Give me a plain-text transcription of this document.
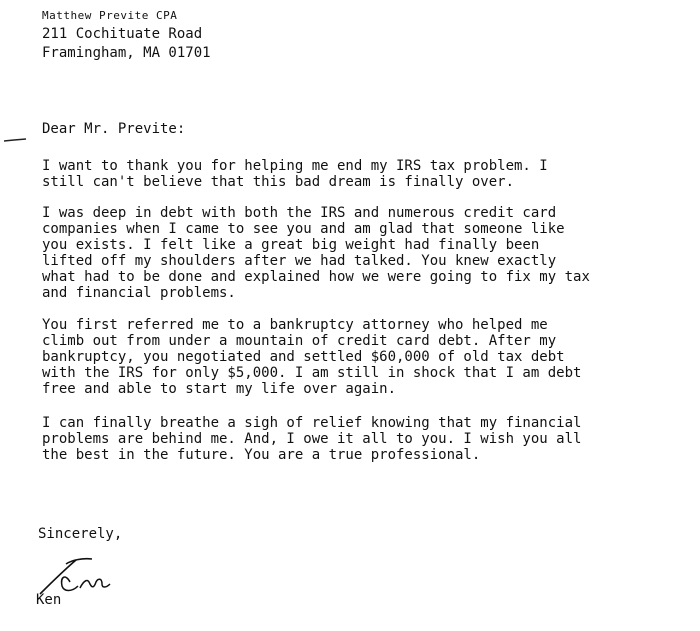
Matthew Previte CPA
211 Cochituate Road
Framingham, MA 01701
Dear Mr. Previte:
I want to thank you for helping me end my IRS tax problem. I
still can't believe that this bad dream is finally over.
I was deep in debt with both the IRS and numerous credit card
companies when I came to see you and am glad that someone like
you exists. I felt like a great big weight had finally been
lifted off my shoulders after we had talked. You knew exactly
what had to be done and explained how we were going to fix my tax
and financial problems.
You first referred me to a bankruptcy attorney who helped me
climb out from under a mountain of credit card debt. After my
bankruptcy, you negotiated and settled $60,000 of old tax debt
with the IRS for only $5,000. I am still in shock that I am debt
free and able to start my life over again.
I can finally breathe a sigh of relief knowing that my financial
problems are behind me. And, I owe it all to you. I wish you all
the best in the future. You are a true professional.
Sincerely,
Ken
